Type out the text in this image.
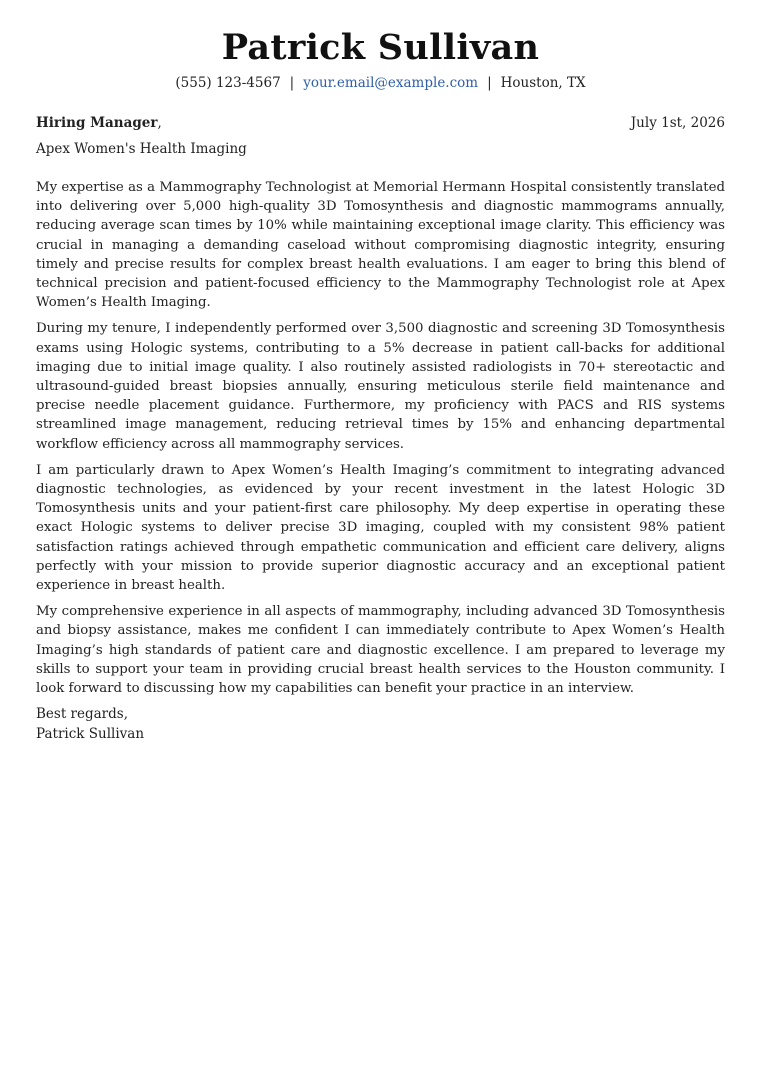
Patrick Sullivan
(555) 123-4567 | your.email@example.com | Houston, TX
Hiring Manager,	July 1st, 2026
Apex Women's Health Imaging

My expertise as a Mammography Technologist at Memorial Hermann Hospital consistently translated into delivering over 5,000 high-quality 3D Tomosynthesis and diagnostic mammograms annually, reducing average scan times by 10% while maintaining exceptional image clarity. This efficiency was crucial in managing a demanding caseload without compromising diagnostic integrity, ensuring timely and precise results for complex breast health evaluations. I am eager to bring this blend of technical precision and patient-focused efficiency to the Mammography Technologist role at Apex Women’s Health Imaging.

During my tenure, I independently performed over 3,500 diagnostic and screening 3D Tomosynthesis exams using Hologic systems, contributing to a 5% decrease in patient call-backs for additional imaging due to initial image quality. I also routinely assisted radiologists in 70+ stereotactic and ultrasound-guided breast biopsies annually, ensuring meticulous sterile field maintenance and precise needle placement guidance. Furthermore, my proficiency with PACS and RIS systems streamlined image management, reducing retrieval times by 15% and enhancing departmental workflow efficiency across all mammography services.

I am particularly drawn to Apex Women’s Health Imaging’s commitment to integrating advanced diagnostic technologies, as evidenced by your recent investment in the latest Hologic 3D Tomosynthesis units and your patient-first care philosophy. My deep expertise in operating these exact Hologic systems to deliver precise 3D imaging, coupled with my consistent 98% patient satisfaction ratings achieved through empathetic communication and efficient care delivery, aligns perfectly with your mission to provide superior diagnostic accuracy and an exceptional patient experience in breast health.

My comprehensive experience in all aspects of mammography, including advanced 3D Tomosynthesis and biopsy assistance, makes me confident I can immediately contribute to Apex Women’s Health Imaging’s high standards of patient care and diagnostic excellence. I am prepared to leverage my skills to support your team in providing crucial breast health services to the Houston community. I look forward to discussing how my capabilities can benefit your practice in an interview.

Best regards,
Patrick Sullivan
